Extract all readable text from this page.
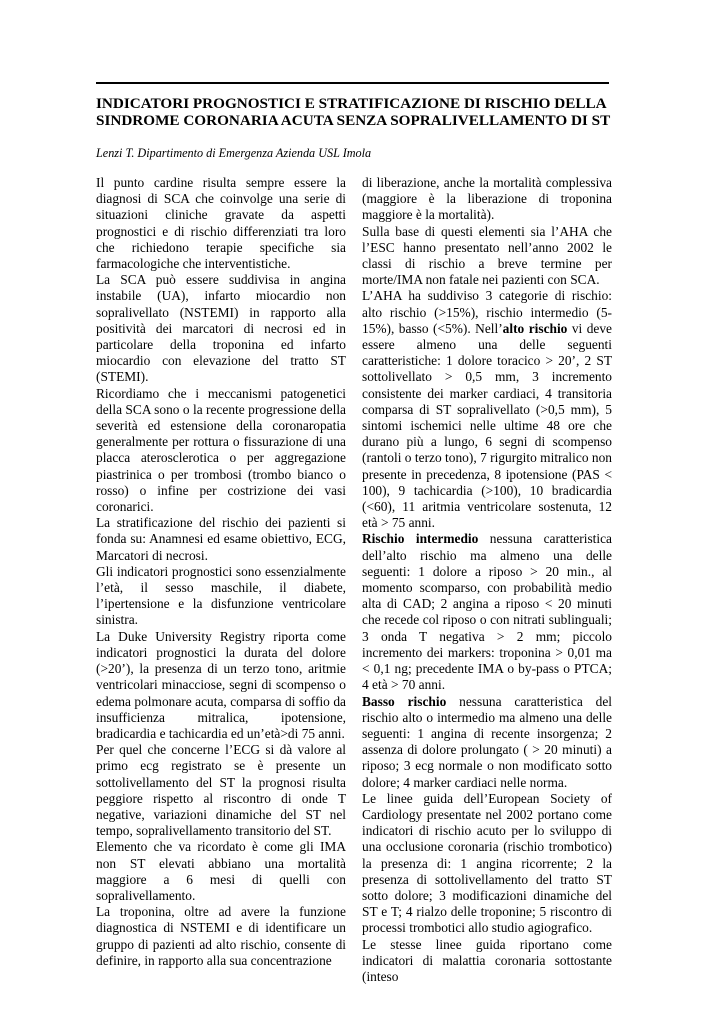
INDICATORI PROGNOSTICI E STRATIFICAZIONE DI RISCHIO DELLA
SINDROME CORONARIA ACUTA SENZA SOPRALIVELLAMENTO DI ST

Lenzi T. Dipartimento di Emergenza Azienda USL Imola

Il punto cardine risulta sempre essere la diagnosi di SCA che coinvolge una serie di situazioni cliniche gravate da aspetti prognostici e di rischio differenziati tra loro che richiedono terapie specifiche sia farmacologiche che interventistiche.

La SCA può essere suddivisa in angina instabile (UA), infarto miocardio non sopralivellato (NSTEMI) in rapporto alla positività dei marcatori di necrosi ed in particolare della troponina ed infarto miocardio con elevazione del tratto ST (STEMI).

Ricordiamo che i meccanismi patogenetici della SCA sono o la recente progressione della severità ed estensione della coronaropatia generalmente per rottura o fissurazione di una placca aterosclerotica o per aggregazione piastrinica o per trombosi (trombo bianco o rosso) o infine per costrizione dei vasi coronarici.

La stratificazione del rischio dei pazienti si fonda su: Anamnesi ed esame obiettivo, ECG, Marcatori di necrosi.

Gli indicatori prognostici sono essenzialmente l’età, il sesso maschile, il diabete, l’ipertensione e la disfunzione ventricolare sinistra.

La Duke University Registry riporta come indicatori prognostici la durata del dolore (>20’), la presenza di un terzo tono, aritmie ventricolari minacciose, segni di scompenso o edema polmonare acuta, comparsa di soffio da insufficienza mitralica, ipotensione, bradicardia e tachicardia ed un’età>di 75 anni.

Per quel che concerne l’ECG si dà valore al primo ecg registrato se è presente un sottolivellamento del ST la prognosi risulta peggiore rispetto al riscontro di onde T negative, variazioni dinamiche del ST nel tempo, sopralivellamento transitorio del ST.

Elemento che va ricordato è come gli IMA non ST elevati abbiano una mortalità maggiore a 6 mesi di quelli con sopralivellamento.

La troponina, oltre ad avere la funzione diagnostica di NSTEMI e di identificare un gruppo di pazienti ad alto rischio, consente di definire, in rapporto alla sua concentrazione

di liberazione, anche la mortalità complessiva (maggiore è la liberazione di troponina maggiore è la mortalità).

Sulla base di questi elementi sia l’AHA che l’ESC hanno presentato nell’anno 2002 le classi di rischio a breve termine per morte/IMA non fatale nei pazienti con SCA.

L’AHA ha suddiviso 3 categorie di rischio: alto rischio (>15%), rischio intermedio (5-15%), basso (<5%). Nell’alto rischio vi deve essere almeno una delle seguenti caratteristiche: 1 dolore toracico > 20’, 2 ST sottolivellato > 0,5 mm, 3 incremento consistente dei marker cardiaci, 4 transitoria comparsa di ST sopralivellato (>0,5 mm), 5 sintomi ischemici nelle ultime 48 ore che durano più a lungo, 6 segni di scompenso (rantoli o terzo tono), 7 rigurgito mitralico non presente in precedenza, 8 ipotensione (PAS < 100), 9 tachicardia (>100), 10 bradicardia (<60), 11 aritmia ventricolare sostenuta, 12 età > 75 anni.

Rischio intermedio nessuna caratteristica dell’alto rischio ma almeno una delle seguenti: 1 dolore a riposo > 20 min., al momento scomparso, con probabilità medio alta di CAD; 2 angina a riposo < 20 minuti che recede col riposo o con nitrati sublinguali; 3 onda T negativa > 2 mm; piccolo incremento dei markers: troponina > 0,01 ma < 0,1 ng; precedente IMA o by-pass o PTCA; 4 età > 70 anni.

Basso rischio nessuna caratteristica del rischio alto o intermedio ma almeno una delle seguenti: 1 angina di recente insorgenza; 2 assenza di dolore prolungato ( > 20 minuti) a riposo; 3 ecg normale o non modificato sotto dolore; 4 marker cardiaci nelle norma.

Le linee guida dell’European Society of Cardiology presentate nel 2002 portano come indicatori di rischio acuto per lo sviluppo di una occlusione coronaria (rischio trombotico) la presenza di: 1 angina ricorrente; 2 la presenza di sottolivellamento del tratto ST sotto dolore; 3 modificazioni dinamiche del ST e T; 4 rialzo delle troponine; 5 riscontro di processi trombotici allo studio agiografico.

Le stesse linee guida riportano come indicatori di malattia coronaria sottostante (inteso
